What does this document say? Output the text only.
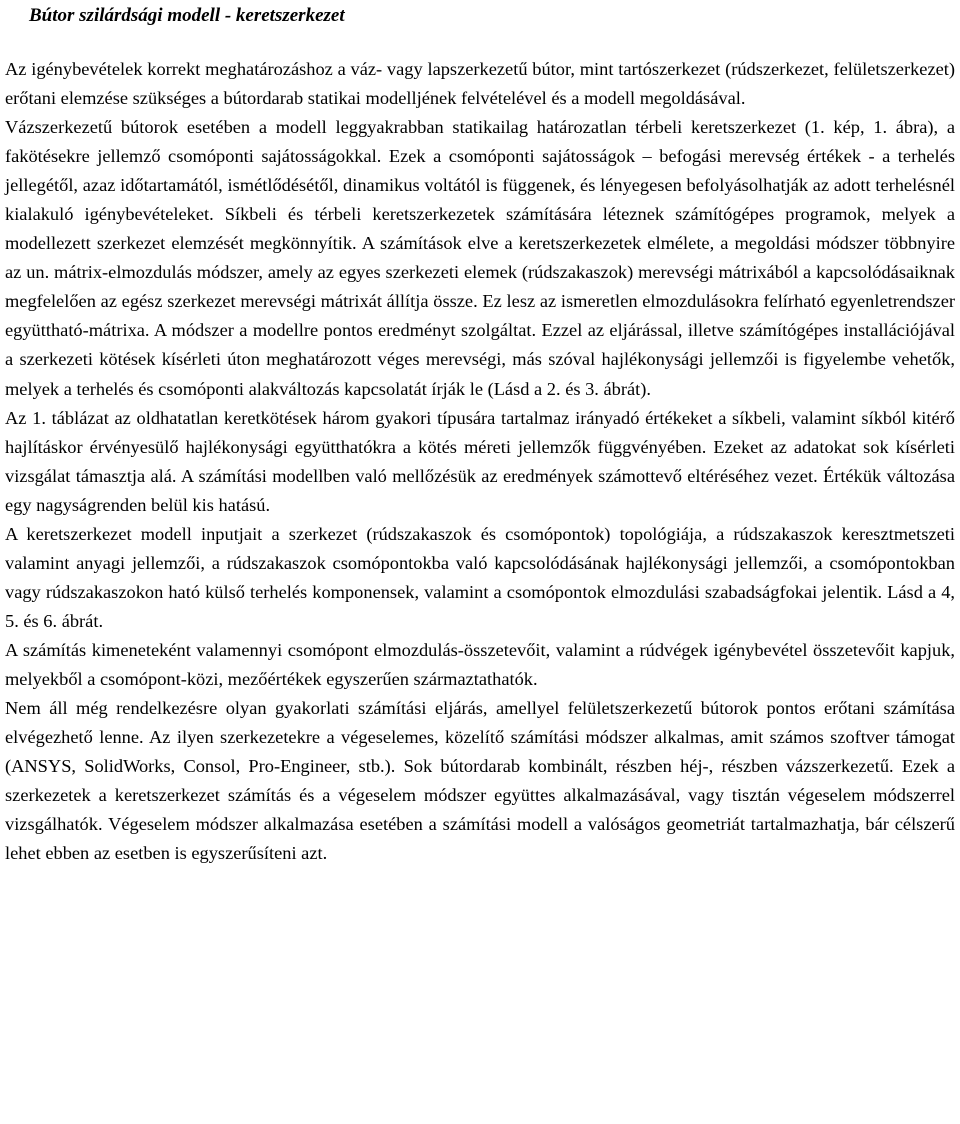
Bútor szilárdsági modell - keretszerkezet

Az igénybevételek korrekt meghatározáshoz a váz- vagy lapszerkezetű bútor, mint tartószerkezet (rúdszerkezet, felületszerkezet) erőtani elemzése szükséges a bútordarab statikai modelljének felvételével és a modell megoldásával.

Vázszerkezetű bútorok esetében a modell leggyakrabban statikailag határozatlan térbeli keretszerkezet (1. kép, 1. ábra), a fakötésekre jellemző csomóponti sajátosságokkal. Ezek a csomóponti sajátosságok – befogási merevség értékek - a terhelés jellegétől, azaz időtartamától, ismétlődésétől, dinamikus voltától is függenek, és lényegesen befolyásolhatják az adott terhelésnél kialakuló igénybevételeket. Síkbeli és térbeli keretszerkezetek számítására léteznek számítógépes programok, melyek a modellezett szerkezet elemzését megkönnyítik. A számítások elve a keretszerkezetek elmélete, a megoldási módszer többnyire az un. mátrix-elmozdulás módszer, amely az egyes szerkezeti elemek (rúdszakaszok) merevségi mátrixából a kapcsolódásaiknak megfelelően az egész szerkezet merevségi mátrixát állítja össze. Ez lesz az ismeretlen elmozdulásokra felírható egyenletrendszer együttható-mátrixa. A módszer a modellre pontos eredményt szolgáltat. Ezzel az eljárással, illetve számítógépes installációjával a szerkezeti kötések kísérleti úton meghatározott véges merevségi, más szóval hajlékonysági jellemzői is figyelembe vehetők, melyek a terhelés és csomóponti alakváltozás kapcsolatát írják le (Lásd a 2. és 3. ábrát).

Az 1. táblázat az oldhatatlan keretkötések három gyakori típusára tartalmaz irányadó értékeket a síkbeli, valamint síkból kitérő hajlításkor érvényesülő hajlékonysági együtthatókra a kötés méreti jellemzők függvényében. Ezeket az adatokat sok kísérleti vizsgálat támasztja alá. A számítási modellben való mellőzésük az eredmények számottevő eltéréséhez vezet. Értékük változása egy nagyságrenden belül kis hatású.

A keretszerkezet modell inputjait a szerkezet (rúdszakaszok és csomópontok) topológiája, a rúdszakaszok keresztmetszeti valamint anyagi jellemzői, a rúdszakaszok csomópontokba való kapcsolódásának hajlékonysági jellemzői, a csomópontokban vagy rúdszakaszokon ható külső terhelés komponensek, valamint a csomópontok elmozdulási szabadságfokai jelentik. Lásd a 4, 5. és 6. ábrát.

A számítás kimeneteként valamennyi csomópont elmozdulás-összetevőit, valamint a rúdvégek igénybevétel összetevőit kapjuk, melyekből a csomópont-közi, mezőértékek egyszerűen származtathatók.

Nem áll még rendelkezésre olyan gyakorlati számítási eljárás, amellyel felületszerkezetű bútorok pontos erőtani számítása elvégezhető lenne. Az ilyen szerkezetekre a végeselemes, közelítő számítási módszer alkalmas, amit számos szoftver támogat (ANSYS, SolidWorks, Consol, Pro-Engineer, stb.). Sok bútordarab kombinált, részben héj-, részben vázszerkezetű. Ezek a szerkezetek a keretszerkezet számítás és a végeselem módszer együttes alkalmazásával, vagy tisztán végeselem módszerrel vizsgálhatók. Végeselem módszer alkalmazása esetében a számítási modell a valóságos geometriát tartalmazhatja, bár célszerű lehet ebben az esetben is egyszerűsíteni azt.
